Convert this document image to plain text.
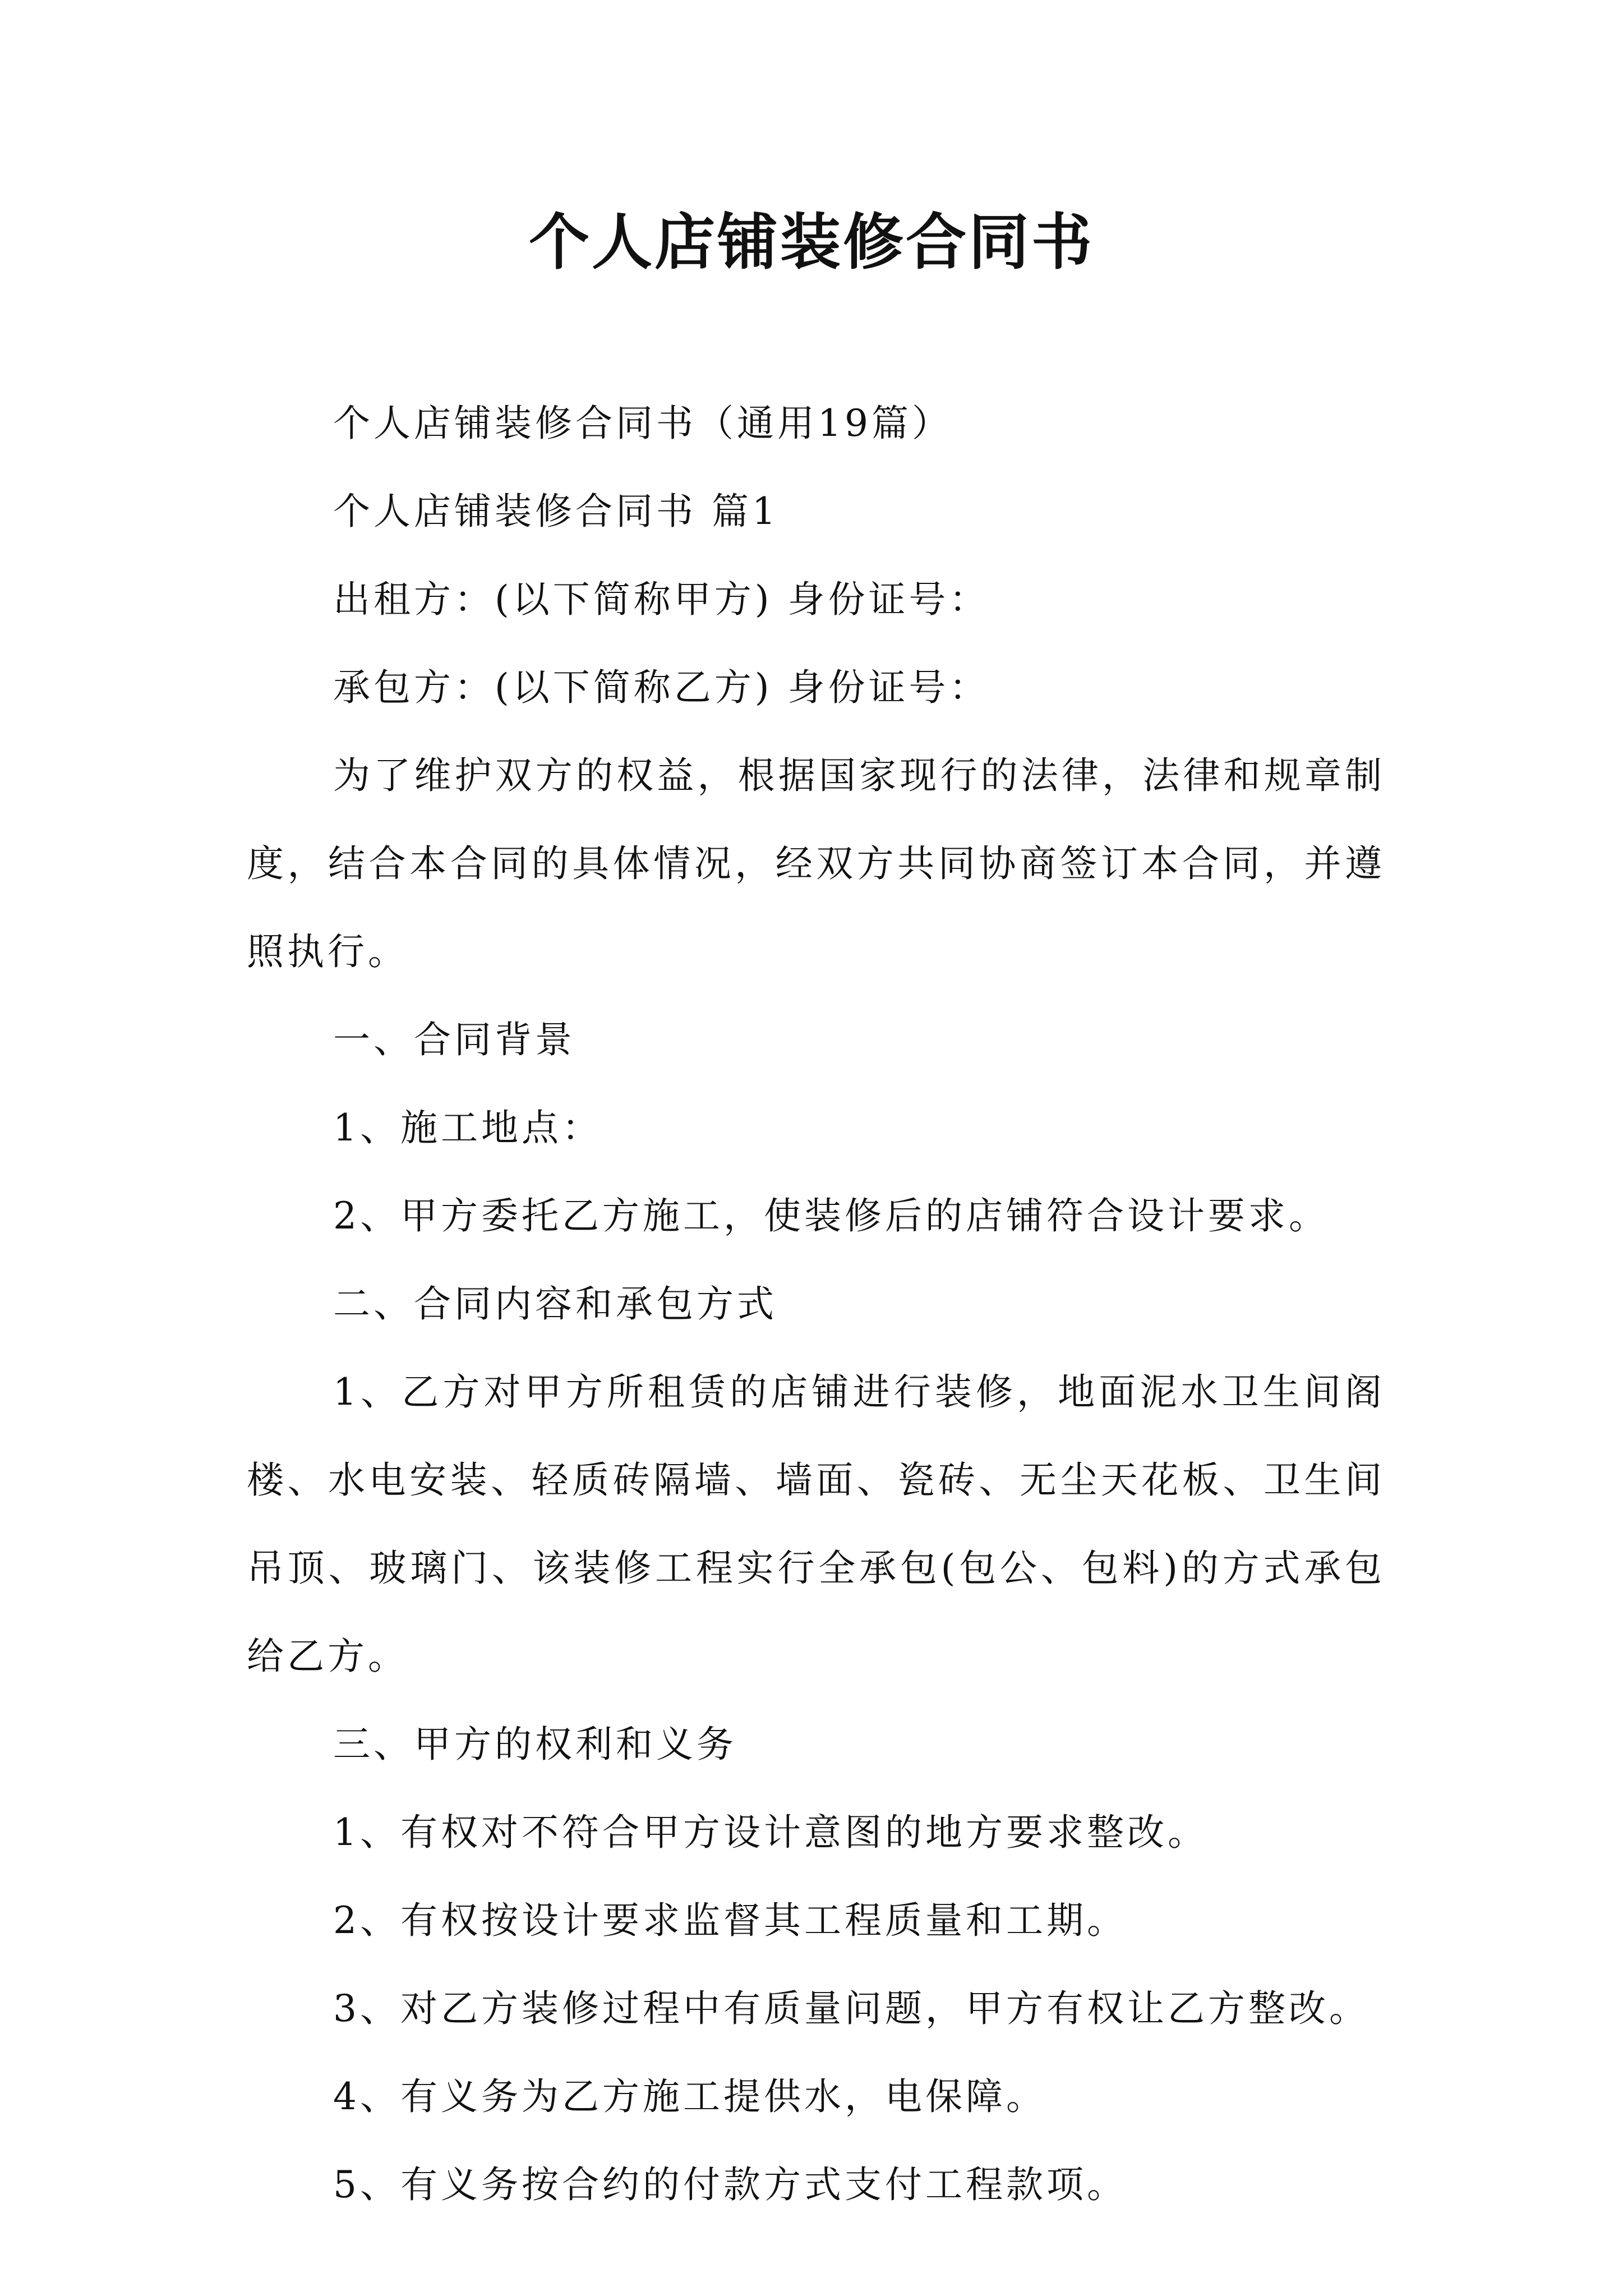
个人店铺装修合同书

个人店铺装修合同书（通用19篇）

个人店铺装修合同书 篇1

出租方：(以下简称甲方) 身份证号：

承包方：(以下简称乙方) 身份证号：

为了维护双方的权益，根据国家现行的法律，法律和规章制度，结合本合同的具体情况，经双方共同协商签订本合同，并遵照执行。

一、合同背景

1、施工地点：

2、甲方委托乙方施工，使装修后的店铺符合设计要求。

二、合同内容和承包方式

1、乙方对甲方所租赁的店铺进行装修，地面泥水卫生间阁楼、水电安装、轻质砖隔墙、墙面、瓷砖、无尘天花板、卫生间吊顶、玻璃门、该装修工程实行全承包(包公、包料)的方式承包给乙方。

三、甲方的权利和义务

1、有权对不符合甲方设计意图的地方要求整改。

2、有权按设计要求监督其工程质量和工期。

3、对乙方装修过程中有质量问题，甲方有权让乙方整改。

4、有义务为乙方施工提供水，电保障。

5、有义务按合约的付款方式支付工程款项。
